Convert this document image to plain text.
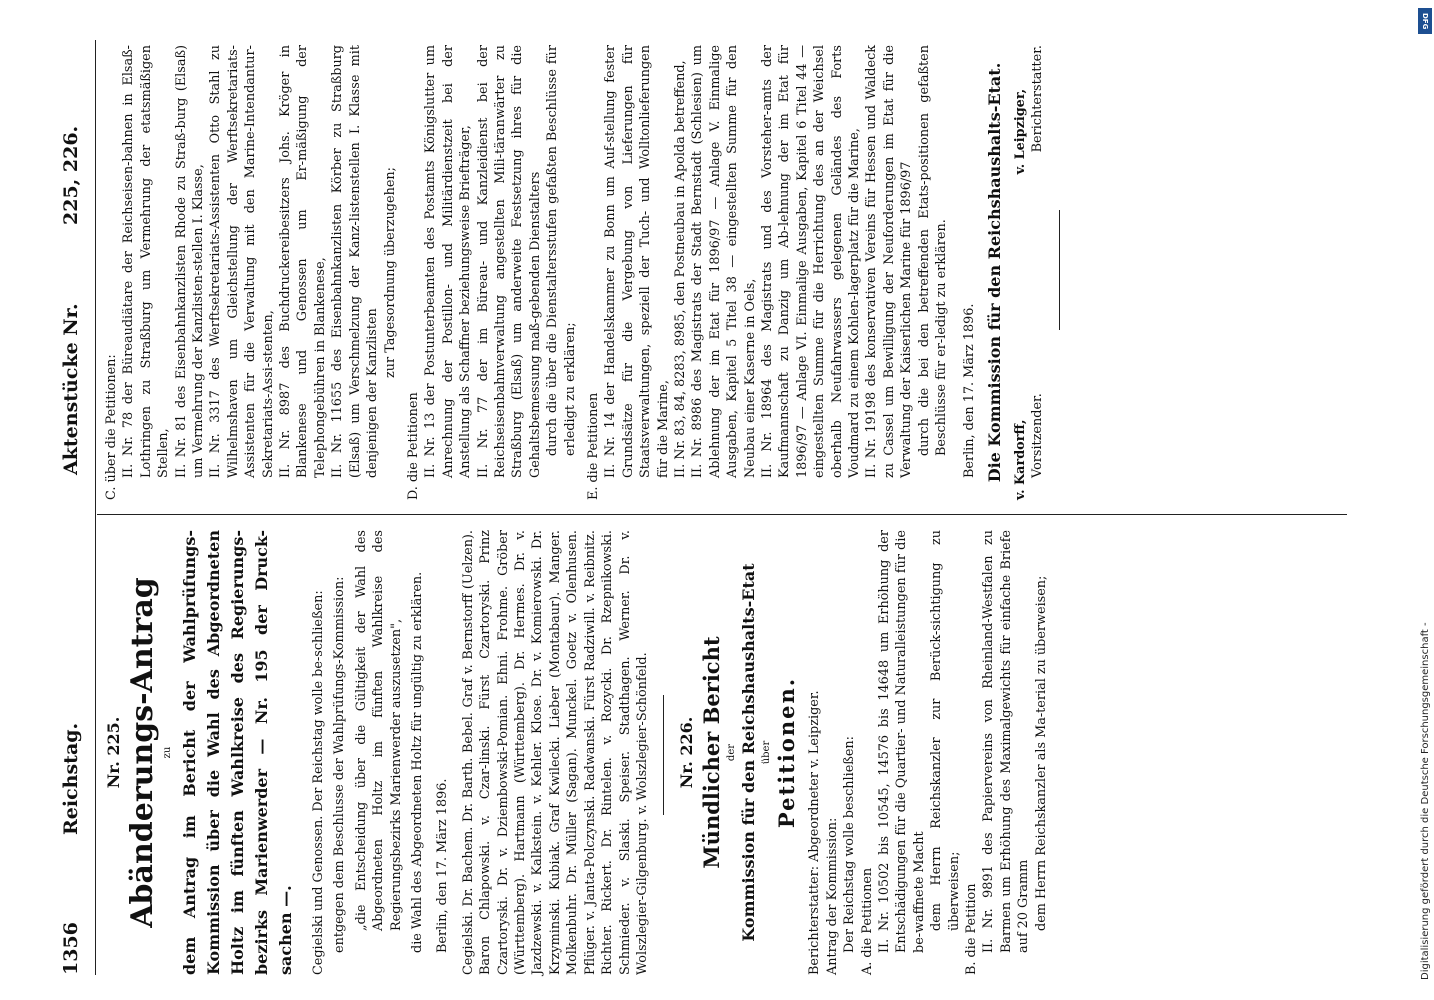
1356
Reichstag.
Aktenstücke Nr.
225, 226.
Nr. 225. Abänderungs-Antrag zu dem Antrag im Bericht der Wahlprüfungs-Kommission über die Wahl des Abgeordneten Holtz im fünften Wahlkreise des Regierungs-bezirks Marienwerder — Nr. 195 der Druck-sachen —. Cegielski und Genossen. Der Reichstag wolle be-schließen: entgegen dem Beschlusse der Wahlprüfungs-Kommission: „die Entscheidung über die Gültigkeit der Wahl des Abgeordneten Holtz im fünften Wahlkreise des Regierungsbezirks Marienwerder auszusetzen", die Wahl des Abgeordneten Holtz für ungültig zu erklären. Berlin, den 17. März 1896. Cegielski. Dr. Bachem. Dr. Barth. Bebel. Graf v. Bernstorff (Uelzen). Baron Chlapowski. v. Czar-linski. Fürst Czartoryski. Prinz Czartoryski. Dr. v. Dziembowski-Pomian. Ehni. Frohme. Gröber (Württemberg). Hartmann (Württemberg). Dr. Hermes. Dr. v. Jazdzewski. v. Kalkstein. v. Kehler. Klose. Dr. v. Komierowski. Dr. Krzyminski. Kubiak. Graf Kwilecki. Lieber (Montabaur). Manger. Molkenbuhr. Dr. Müller (Sagan). Munckel. Goetz v. Olenhusen. Pflüger. v. Janta-Polczynski. Radwanski. Fürst Radziwill. v. Reibnitz. Richter. Rickert. Dr. Rintelen. v. Rozycki. Dr. Rzepnikowski. Schmieder. v. Slaski. Speiser. Stadthagen. Werner. Dr. v. Wolszlegier-Gilgenburg. v. Wolszlegier-Schönfeld. Nr. 226. Mündlicher Bericht der Kommission für den Reichshaushalts-Etat über Petitionen. Berichterstatter: Abgeordneter v. Leipziger. Antrag der Kommission: Der Reichstag wolle beschließen: A. die Petitionen II. Nr. 10502 bis 10545, 14576 bis 14648 um Erhöhung der Entschädigungen für die Quartier- und Naturalleistungen für die be-waffnete Macht dem Herrn Reichskanzler zur Berück-sichtigung zu überweisen; B. die Petition II. Nr. 9891 des Papiervereins von Rheinland-Westfalen zu Barmen um Erhöhung des Maximalgewichts für einfache Briefe auf 20 Gramm dem Herrn Reichskanzler als Ma-terial zu überweisen;

C. über die Petitionen: II. Nr. 78 der Büreaudiätare der Reichseisen-bahnen in Elsaß-Lothringen zu Straßburg um Vermehrung der etatsmäßigen Stellen, II. Nr. 81 des Eisenbahnkanzlisten Rhode zu Straß-burg (Elsaß) um Vermehrung der Kanzlisten-stellen I. Klasse, II. Nr. 3317 des Werftsekretariats-Assistenten Otto Stahl zu Wilhelmshaven um Gleichstellung der Werftsekretariats-Assistenten für die Verwaltung mit den Marine-Intendantur-Sekretariats-Assi-stenten, II. Nr. 8987 des Buchdruckereibesitzers Johs. Kröger in Blankenese und Genossen um Er-mäßigung der Telephongebühren in Blankenese, II. Nr. 11655 des Eisenbahnkanzlisten Körber zu Straßburg (Elsaß) um Verschmelzung der Kanz-listenstellen I. Klasse mit denjenigen der Kanzlisten

zur Tagesordnung überzugehen;

D. die Petitionen II. Nr. 13 der Postunterbeamten des Postamts Königslutter um Anrechnung der Postillon- und Militärdienstzeit bei der Anstellung als Schaffner beziehungsweise Briefträger, II. Nr. 77 der im Büreau- und Kanzleidienst bei der Reichseisenbahnverwaltung angestellten Mili-täranwärter zu Straßburg (Elsaß) um anderweite Festsetzung ihres für die Gehaltsbemessung maß-gebenden Dienstalters durch die über die Dienstaltersstufen gefaßten Beschlüsse für erledigt zu erklären; E. die Petitionen II. Nr. 14 der Handelskammer zu Bonn um Auf-stellung fester Grundsätze für die Vergebung von Lieferungen für Staatsverwaltungen, speziell der Tuch- und Wolltonlieferungen für die Marine, II. Nr. 83, 84, 8283, 8985, den Postneubau in Apolda betreffend, II. Nr. 8986 des Magistrats der Stadt Bernstadt (Schlesien) um Ablehnung der im Etat für 1896/97 — Anlage V. Einmalige Ausgaben, Kapitel 5 Titel 38 — eingestellten Summe für den Neubau einer Kaserne in Oels, II. Nr. 18964 des Magistrats und des Vorsteher-amts der Kaufmannschaft zu Danzig um Ab-lehnung der im Etat für 1896/97 — Anlage VI. Einmalige Ausgaben, Kapitel 6 Titel 44 — eingestellten Summe für die Herrichtung des an der Weichsel oberhalb Neufahrwassers gelegenen Geländes des Forts Voudmard zu einem Kohlen-lagerplatz für die Marine, II. Nr. 19198 des konservativen Vereins für Hessen und Waldeck zu Cassel um Bewilligung der Neuforderungen im Etat für die Verwaltung der Kaiserlichen Marine für 1896/97 durch die bei den betreffenden Etats-positionen gefaßten Beschlüsse für er-ledigt zu erklären. Berlin, den 17. März 1896. Die Kommission für den Reichshaushalts-Etat. v. Kardorff, Vorsitzender.
v. Leipziger, Berichterstatter.
DFG
Digitalisierung gefördert durch die Deutsche Forschungsgemeinschaft -
